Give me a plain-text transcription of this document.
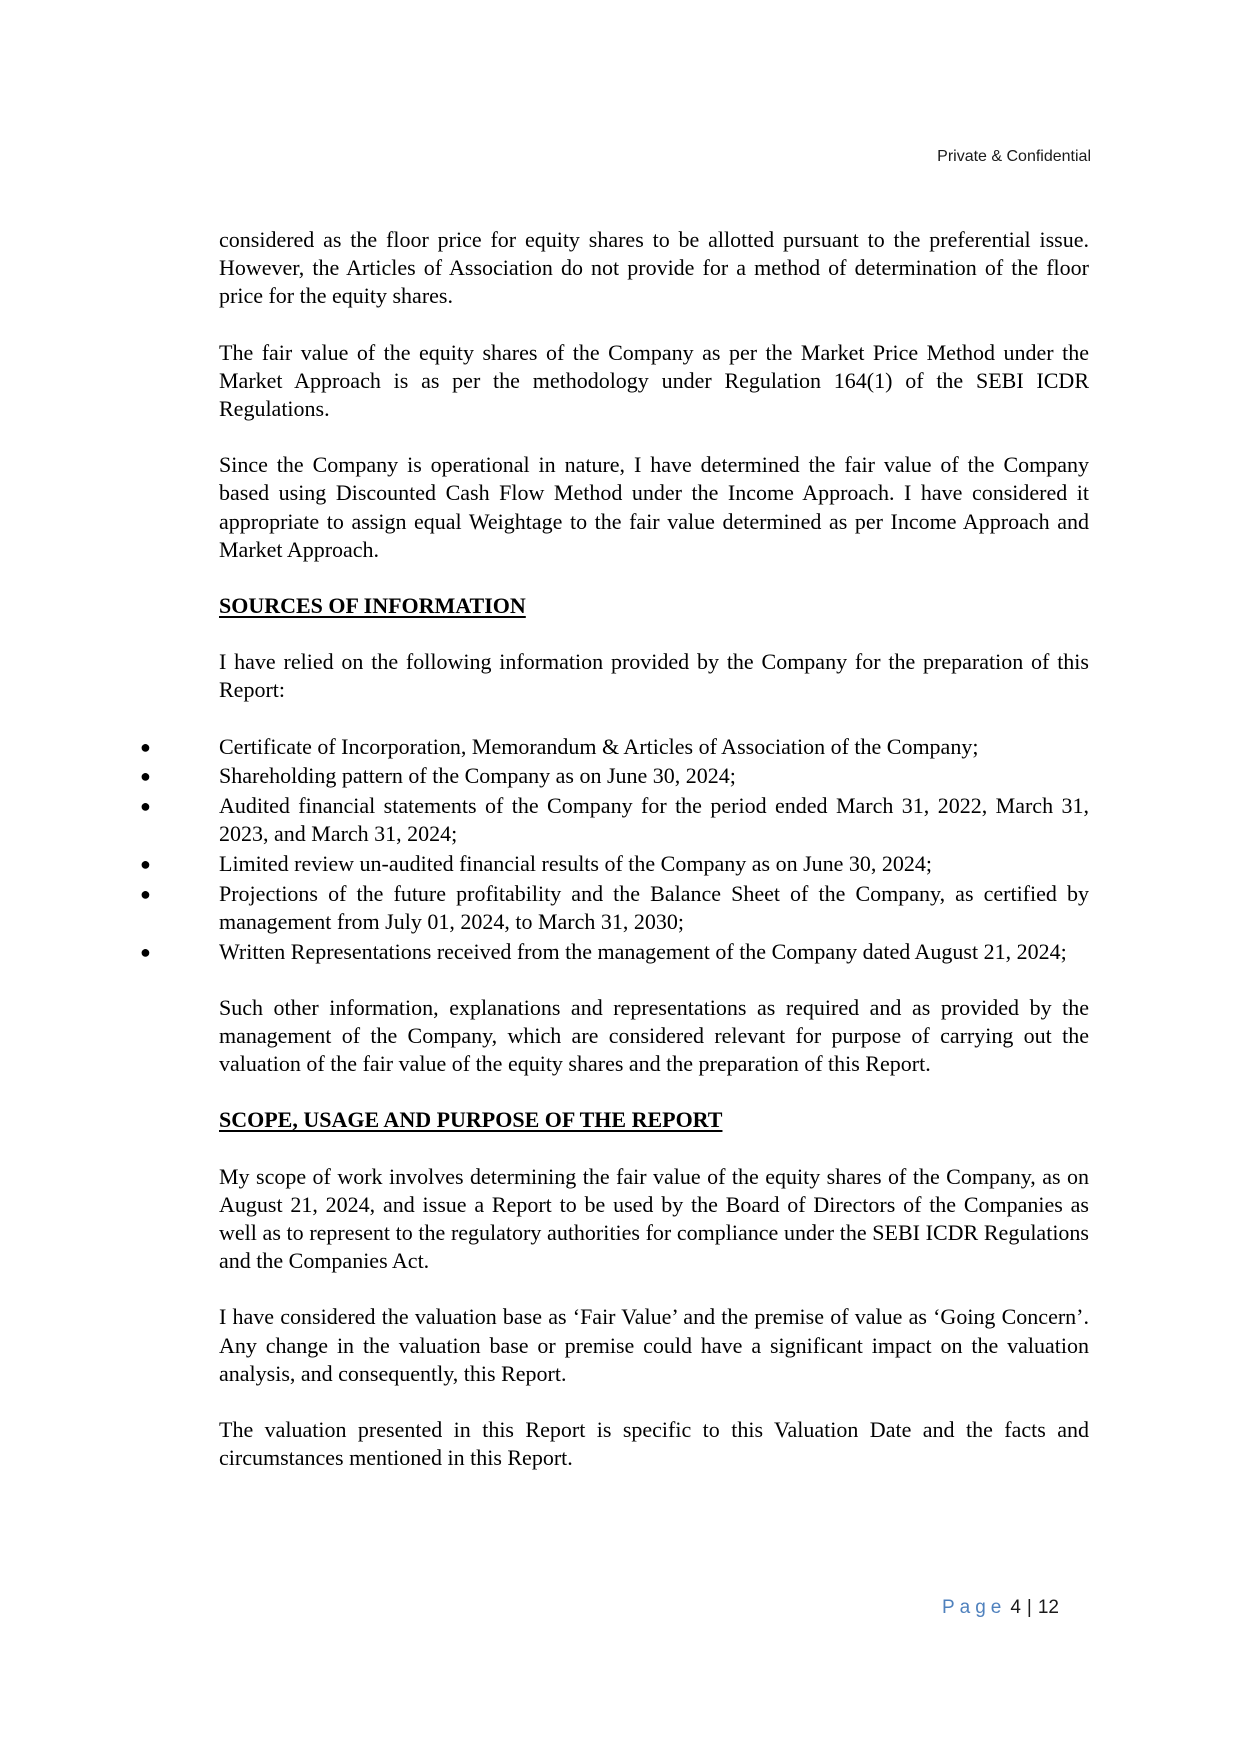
Private & Confidential

considered as the floor price for equity shares to be allotted pursuant to the preferential issue. However, the Articles of Association do not provide for a method of determination of the floor price for the equity shares.

The fair value of the equity shares of the Company as per the Market Price Method under the Market Approach is as per the methodology under Regulation 164(1) of the SEBI ICDR Regulations.

Since the Company is operational in nature, I have determined the fair value of the Company based using Discounted Cash Flow Method under the Income Approach. I have considered it appropriate to assign equal Weightage to the fair value determined as per Income Approach and Market Approach.

SOURCES OF INFORMATION

I have relied on the following information provided by the Company for the preparation of this Report:

●	Certificate of Incorporation, Memorandum & Articles of Association of the Company;
●	Shareholding pattern of the Company as on June 30, 2024;
●	Audited financial statements of the Company for the period ended March 31, 2022, March 31, 2023, and March 31, 2024;
●	Limited review un-audited financial results of the Company as on June 30, 2024;
●	Projections of the future profitability and the Balance Sheet of the Company, as certified by management from July 01, 2024, to March 31, 2030;
●	Written Representations received from the management of the Company dated August 21, 2024;

Such other information, explanations and representations as required and as provided by the management of the Company, which are considered relevant for purpose of carrying out the valuation of the fair value of the equity shares and the preparation of this Report.

SCOPE, USAGE AND PURPOSE OF THE REPORT

My scope of work involves determining the fair value of the equity shares of the Company, as on August 21, 2024, and issue a Report to be used by the Board of Directors of the Companies as well as to represent to the regulatory authorities for compliance under the SEBI ICDR Regulations and the Companies Act.

I have considered the valuation base as ‘Fair Value’ and the premise of value as ‘Going Concern’. Any change in the valuation base or premise could have a significant impact on the valuation analysis, and consequently, this Report.

The valuation presented in this Report is specific to this Valuation Date and the facts and circumstances mentioned in this Report.

Page 4 | 12
